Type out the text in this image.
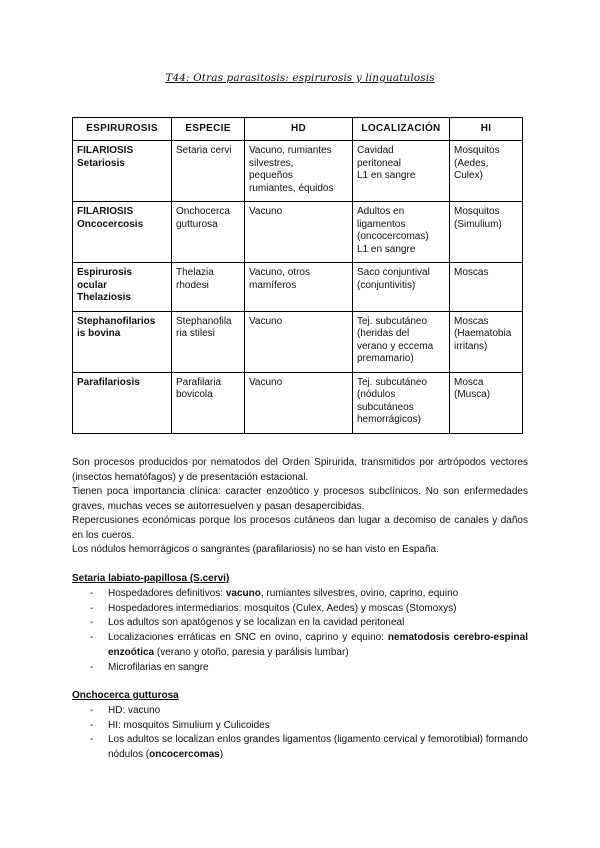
T44: Otras parasitosis: espirurosis y linguatulosis
ESPIRUROSIS	ESPECIE	HD	LOCALIZACIÓN	HI

FILARIOSIS
Setariosis	Setaria cervi	Vacuno, rumiantes
silvestres,
pequeños
rumiantes, équidos	Cavidad
peritoneal
L1 en sangre	Mosquitos
(Aedes,
Culex)

FILARIOSIS
Oncocercosis	Onchocerca
gutturosa	Vacuno	Adultos en
ligamentos
(oncocercomas)
L1 en sangre	Mosquitos
(Simulium)

Espirurosis
ocular
Thelaziosis	Thelazia
rhodesi	Vacuno, otros
mamíferos	Saco conjuntival
(conjuntivitis)	Moscas

Stephanofilarios
is bovina	Stephanofila
ria stilesi	Vacuno	Tej. subcutáneo
(heridas del
verano y eccema
premamario)	Moscas
(Haematobia
irritans)

Parafilariosis	Parafilaria
bovicola	Vacuno	Tej. subcutáneo
(nódulos
subcutáneos
hemorrágicos)	Mosca
(Musca)
Son procesos producidos por nematodos del Orden Spirurida, transmitidos por artrópodos vectores (insectos hematófagos) y de presentación estacional.
Tienen poca importancia clínica: caracter enzoótico y procesos subclínicos. No son enfermedades graves, muchas veces se autorresuelven y pasan desapercibidas.
Repercusiones económicas porque los procesos cutáneos dan lugar a decomiso de canales y daños en los cueros.
Los nódulos hemorrágicos o sangrantes (parafilariosis) no se han visto en España.
Setaria labiato-papillosa (S.cervi)
- Hospedadores definitivos: vacuno, rumiantes silvestres, ovino, caprino, equino
- Hospedadores intermediarios: mosquitos (Culex, Aedes) y moscas (Stomoxys)
- Los adultos son apatógenos y se localizan en la cavidad peritoneal
- Localizaciones erráticas en SNC en ovino, caprino y equino: nematodosis cerebro-espinal enzoótica (verano y otoño, paresia y parálisis lumbar)
- Microfilarias en sangre
Onchocerca gutturosa
- HD: vacuno
- HI: mosquitos Simulium y Culicoides
- Los adultos se localizan enlos grandes ligamentos (ligamento cervical y femorotibial) formando nódulos (oncocercomas)
